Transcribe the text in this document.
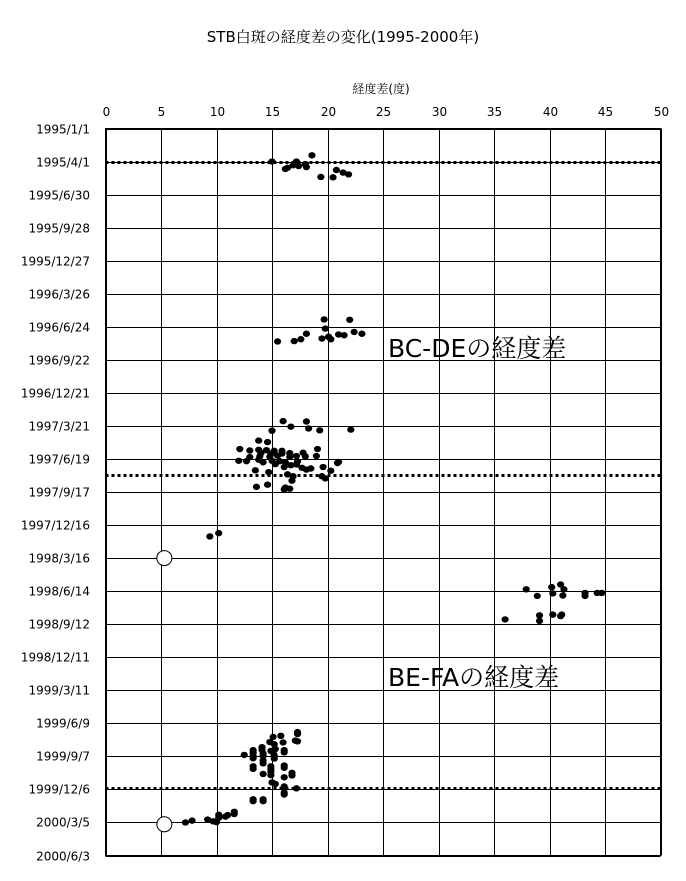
STB白斑の経度差の変化(1995-2000年)
経度差(度)
0	5	10	15	20	25	30	35	40	45	50
1995/1/1
1995/4/1
1995/6/30
1995/9/28
1995/12/27
1996/3/26
1996/6/24
1996/9/22
1996/12/21
1997/3/21
1997/6/19
1997/9/17
1997/12/16
1998/3/16
1998/6/14
1998/9/12
1998/12/11
1999/3/11
1999/6/9
1999/9/7
1999/12/6
2000/3/5
2000/6/3
BC-DEの経度差
BE-FAの経度差
